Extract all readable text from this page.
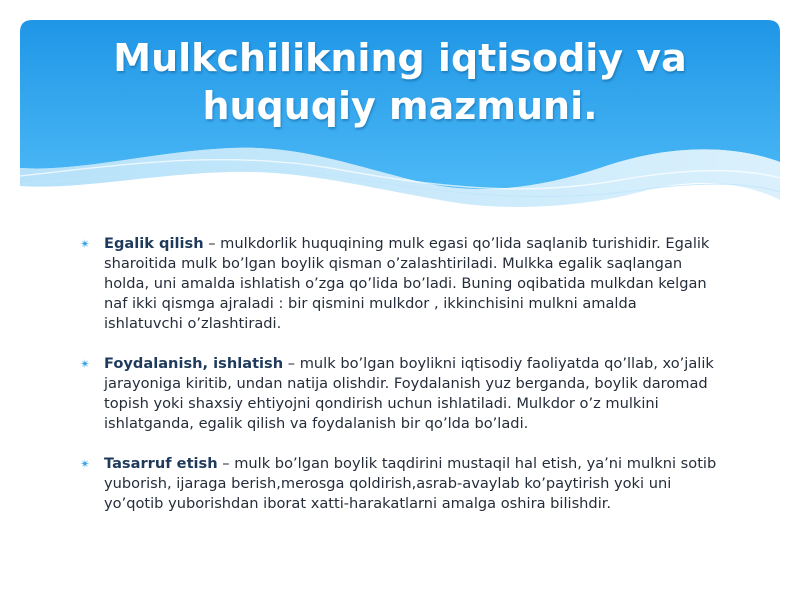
Mulkchilikning iqtisodiy va huquqiy mazmuni.
✴ Egalik qilish – mulkdorlik huquqining mulk egasi qo’lida saqlanib turishidir. Egalik sharoitida mulk bo’lgan boylik qisman o’zalashtiriladi. Mulkka egalik saqlangan holda, uni amalda ishlatish o’zga qo’lida bo’ladi. Buning oqibatida mulkdan kelgan naf ikki qismga ajraladi : bir qismini mulkdor , ikkinchisini mulkni amalda ishlatuvchi o’zlashtiradi.
✴ Foydalanish, ishlatish – mulk bo’lgan boylikni iqtisodiy faoliyatda qo’llab, xo’jalik jarayoniga kiritib, undan natija olishdir. Foydalanish yuz berganda, boylik daromad topish yoki shaxsiy ehtiyojni qondirish uchun ishlatiladi. Mulkdor o’z mulkini ishlatganda, egalik qilish va foydalanish bir qo’lda bo’ladi.
✴ Tasarruf etish – mulk bo’lgan boylik taqdirini mustaqil hal etish, ya’ni mulkni sotib yuborish, ijaraga berish,merosga qoldirish,asrab-avaylab ko’paytirish yoki uni yo’qotib yuborishdan iborat xatti-harakatlarni amalga oshira bilishdir.
